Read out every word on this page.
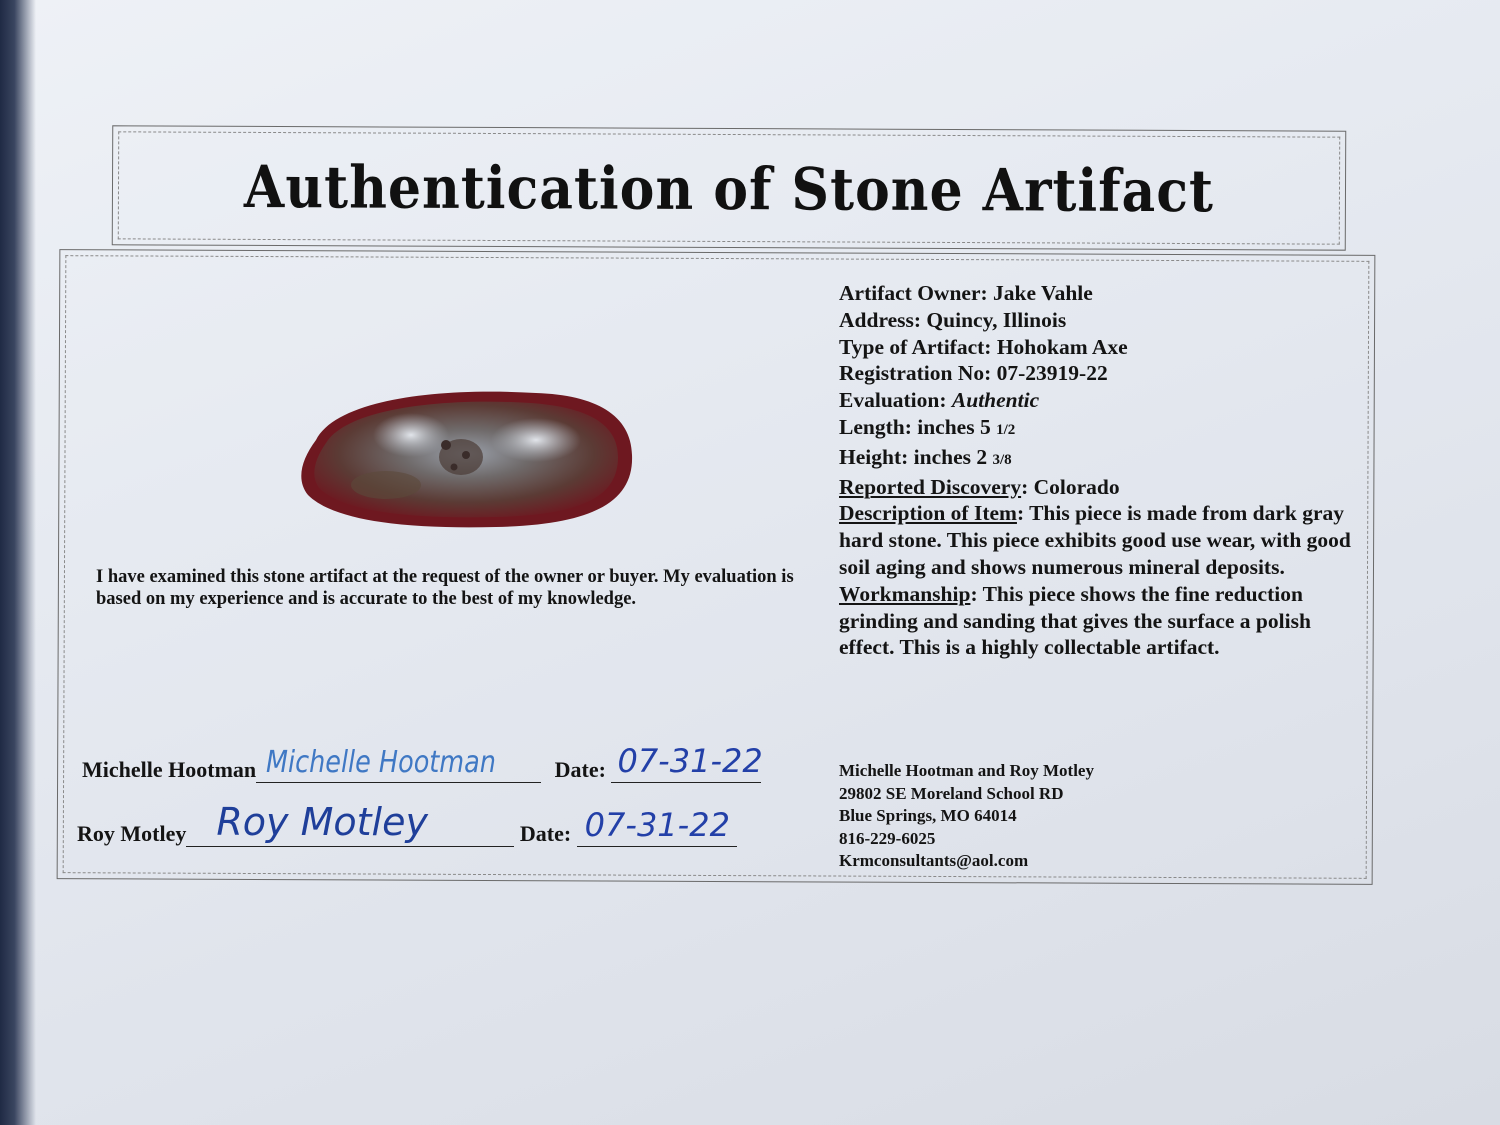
Authentication of Stone Artifact
I have examined this stone artifact at the request of the owner or buyer. My evaluation is based on my experience and is accurate to the best of my knowledge.
Artifact Owner: Jake Vahle
Address: Quincy, Illinois
Type of Artifact: Hohokam Axe
Registration No: 07-23919-22
Evaluation: Authentic
Length: inches 5 1/2
Height: inches 2 3/8
Reported Discovery: Colorado
Description of Item: This piece is made from dark gray hard stone. This piece exhibits good use wear, with good soil aging and shows numerous mineral deposits.
Workmanship: This piece shows the fine reduction grinding and sanding that gives the surface a polish effect. This is a highly collectable artifact.
Michelle Hootman Michelle Hootman	Date: 07-31-22
Roy Motley Roy Motley	Date: 07-31-22
Michelle Hootman and Roy Motley
29802 SE Moreland School RD
Blue Springs, MO 64014
816-229-6025
Krmconsultants@aol.com
